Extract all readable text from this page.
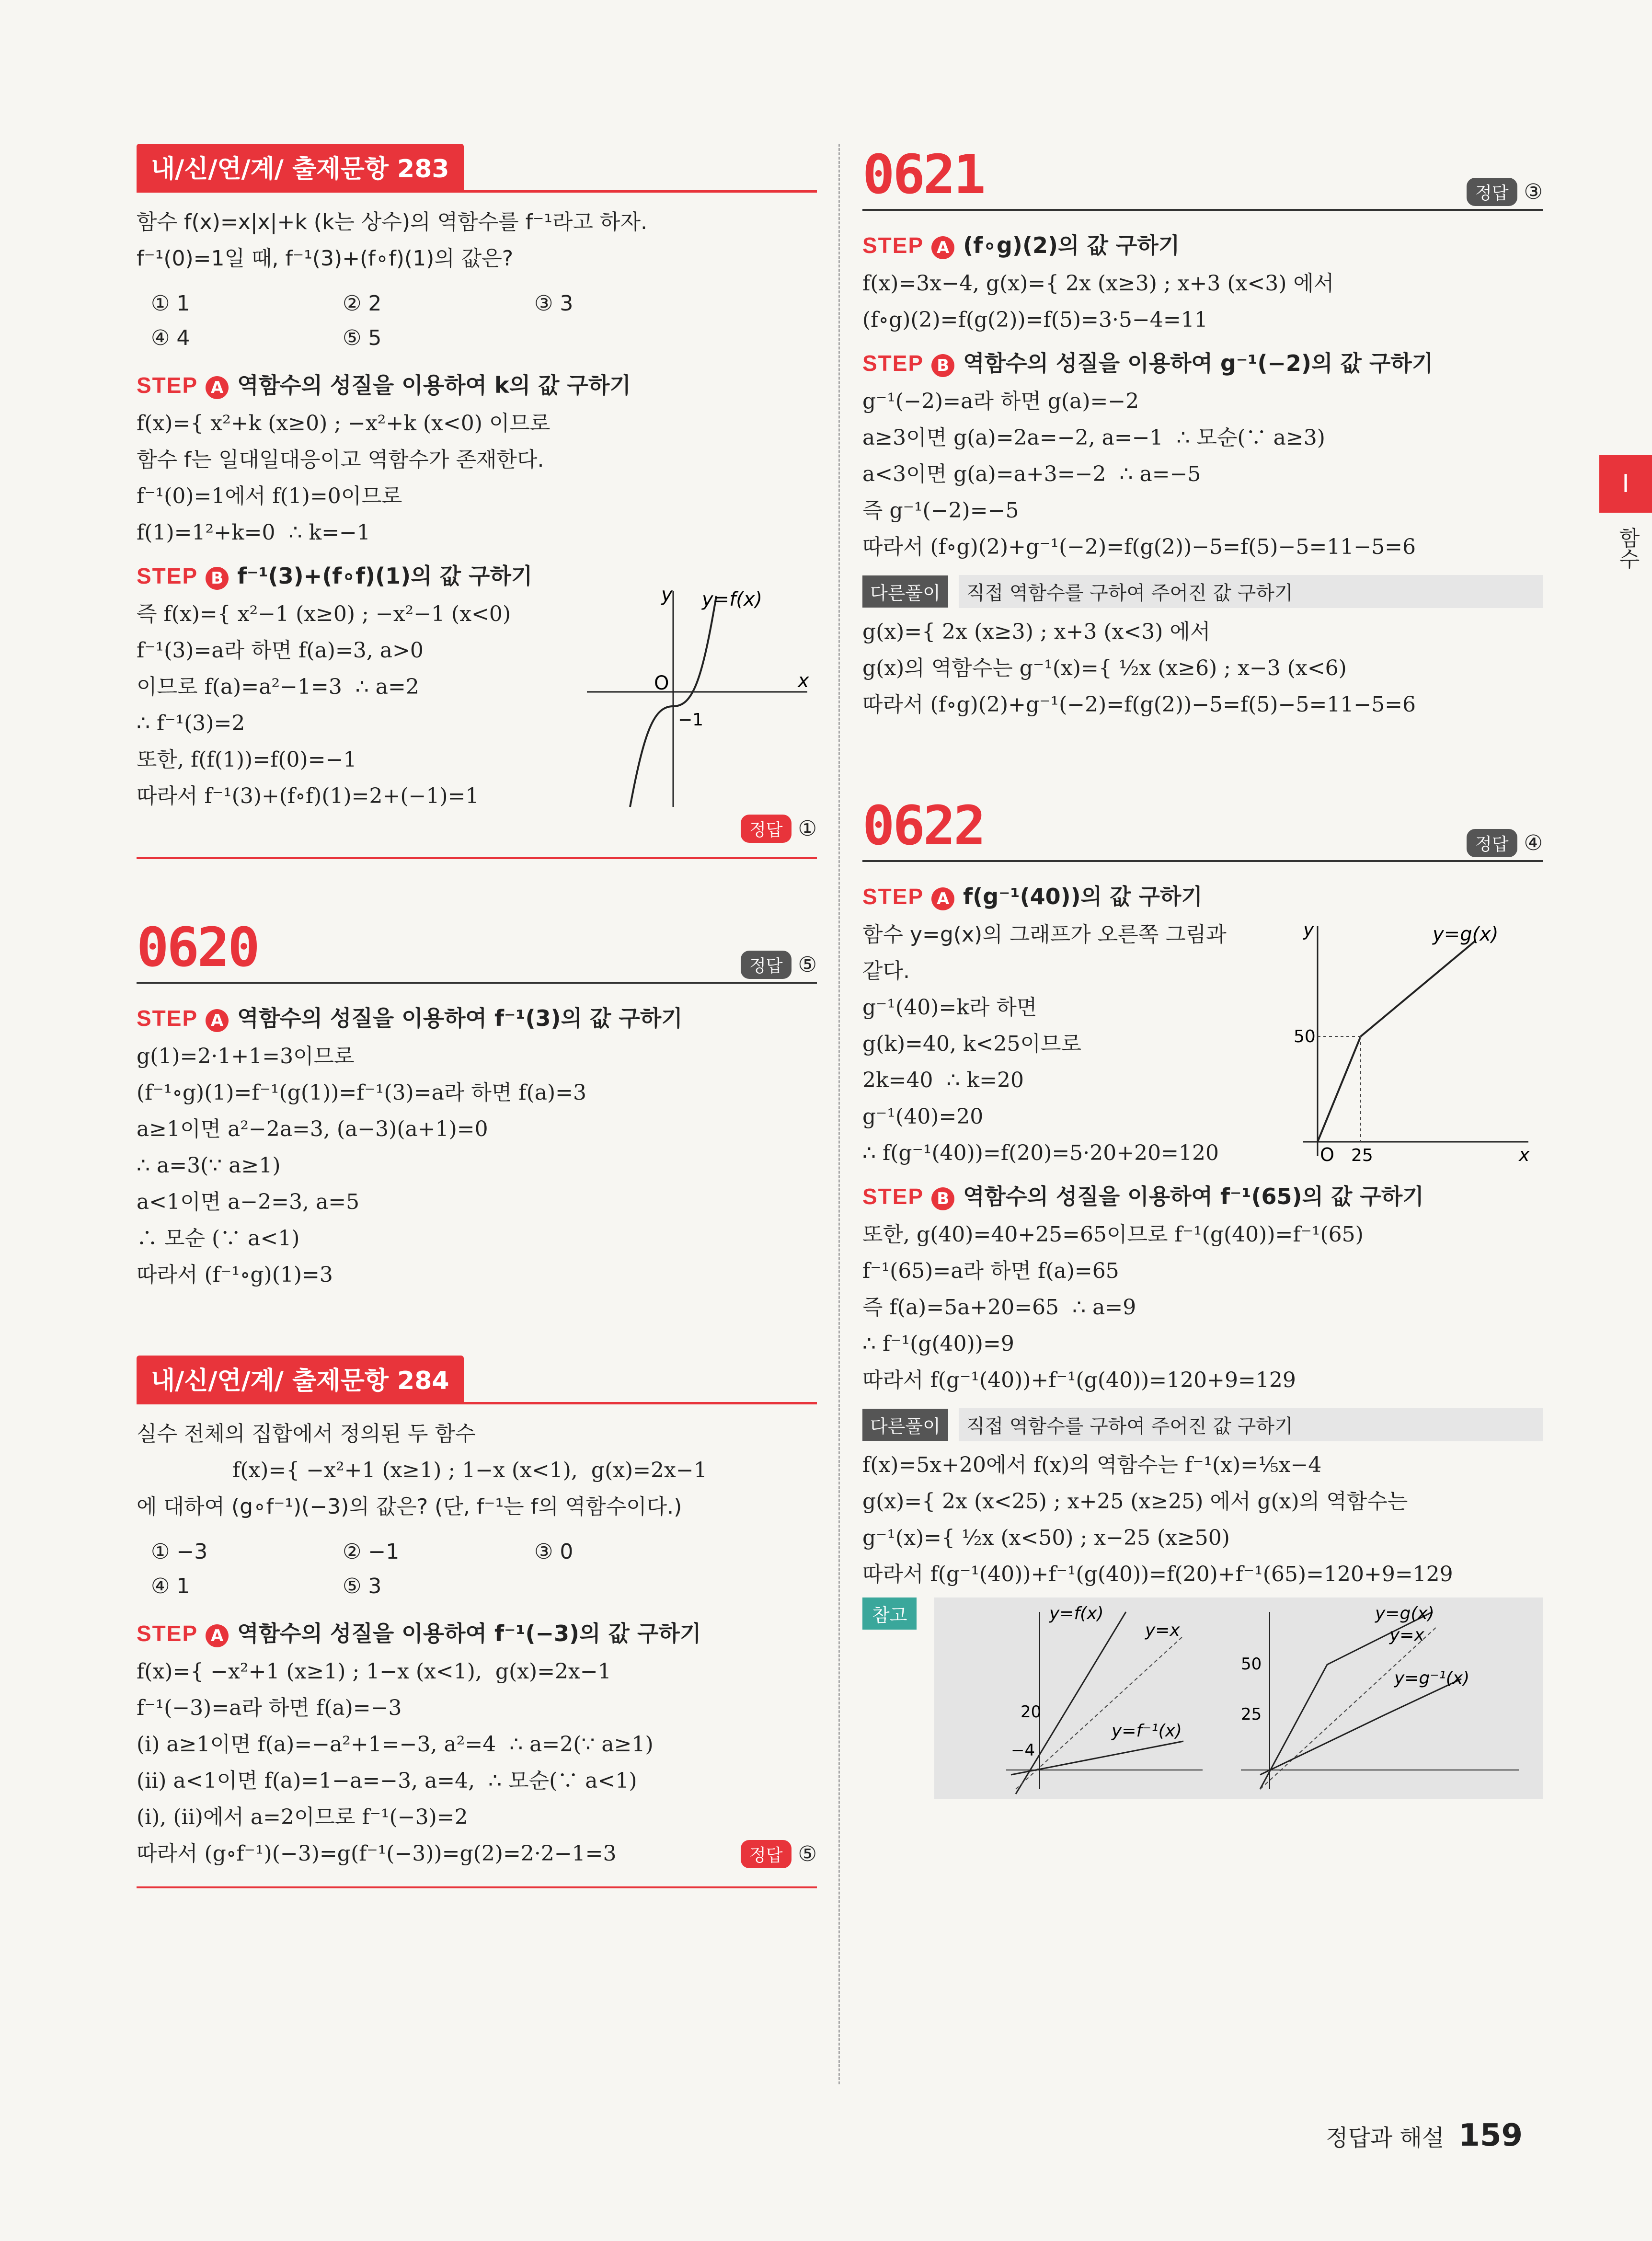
Ⅰ
함수
내/신/연/계/ 출제문항 283
함수 f(x)=x|x|+k (k는 상수)의 역함수를 f⁻¹라고 하자.
f⁻¹(0)=1일 때, f⁻¹(3)+(f∘f)(1)의 값은?
① 1	② 2	③ 3
④ 4	⑤ 5
STEP A 역함수의 성질을 이용하여 k의 값 구하기
f(x)={ x²+k (x≥0) ; −x²+k (x<0) 이므로
함수 f는 일대일대응이고 역함수가 존재한다.
f⁻¹(0)=1에서 f(1)=0이므로
f(1)=1²+k=0  ∴ k=−1
STEP B f⁻¹(3)+(f∘f)(1)의 값 구하기
즉 f(x)={ x²−1 (x≥0) ; −x²−1 (x<0)
f⁻¹(3)=a라 하면 f(a)=3, a>0
이므로 f(a)=a²−1=3  ∴ a=2
∴ f⁻¹(3)=2
또한, f(f(1))=f(0)=−1
따라서 f⁻¹(3)+(f∘f)(1)=2+(−1)=1
y y=f(x)
x
O
−1
정답 ①
0620	정답 ⑤
STEP A 역함수의 성질을 이용하여 f⁻¹(3)의 값 구하기
g(1)=2·1+1=3이므로
(f⁻¹∘g)(1)=f⁻¹(g(1))=f⁻¹(3)=a라 하면 f(a)=3
a≥1이면 a²−2a=3, (a−3)(a+1)=0
∴ a=3(∵ a≥1)
a<1이면 a−2=3, a=5
∴ 모순 (∵ a<1)
따라서 (f⁻¹∘g)(1)=3
내/신/연/계/ 출제문항 284
실수 전체의 집합에서 정의된 두 함수
f(x)={ −x²+1 (x≥1) ; 1−x (x<1),  g(x)=2x−1
에 대하여 (g∘f⁻¹)(−3)의 값은? (단, f⁻¹는 f의 역함수이다.)
① −3	② −1	③ 0
④ 1	⑤ 3
STEP A 역함수의 성질을 이용하여 f⁻¹(−3)의 값 구하기
f(x)={ −x²+1 (x≥1) ; 1−x (x<1),  g(x)=2x−1
f⁻¹(−3)=a라 하면 f(a)=−3
(ⅰ) a≥1이면 f(a)=−a²+1=−3, a²=4  ∴ a=2(∵ a≥1)
(ⅱ) a<1이면 f(a)=1−a=−3, a=4,  ∴ 모순(∵ a<1)
(ⅰ), (ⅱ)에서 a=2이므로 f⁻¹(−3)=2
따라서 (g∘f⁻¹)(−3)=g(f⁻¹(−3))=g(2)=2·2−1=3	정답 ⑤
0621	정답 ③
STEP A (f∘g)(2)의 값 구하기
f(x)=3x−4, g(x)={ 2x (x≥3) ; x+3 (x<3) 에서
(f∘g)(2)=f(g(2))=f(5)=3·5−4=11
STEP B 역함수의 성질을 이용하여 g⁻¹(−2)의 값 구하기
g⁻¹(−2)=a라 하면 g(a)=−2
a≥3이면 g(a)=2a=−2, a=−1  ∴ 모순(∵ a≥3)
a<3이면 g(a)=a+3=−2  ∴ a=−5
즉 g⁻¹(−2)=−5
따라서 (f∘g)(2)+g⁻¹(−2)=f(g(2))−5=f(5)−5=11−5=6
다른풀이	직접 역함수를 구하여 주어진 값 구하기
g(x)={ 2x (x≥3) ; x+3 (x<3) 에서
g(x)의 역함수는 g⁻¹(x)={ ½x (x≥6) ; x−3 (x<6)
따라서 (f∘g)(2)+g⁻¹(−2)=f(g(2))−5=f(5)−5=11−5=6
0622	정답 ④
STEP A f(g⁻¹(40))의 값 구하기
함수 y=g(x)의 그래프가 오른쪽 그림과
같다.
g⁻¹(40)=k라 하면
g(k)=40, k<25이므로
2k=40  ∴ k=20
g⁻¹(40)=20
∴ f(g⁻¹(40))=f(20)=5·20+20=120
y	y=g(x)
x
O
50
25
STEP B 역함수의 성질을 이용하여 f⁻¹(65)의 값 구하기
또한, g(40)=40+25=65이므로 f⁻¹(g(40))=f⁻¹(65)
f⁻¹(65)=a라 하면 f(a)=65
즉 f(a)=5a+20=65  ∴ a=9
∴ f⁻¹(g(40))=9
따라서 f(g⁻¹(40))+f⁻¹(g(40))=120+9=129
다른풀이	직접 역함수를 구하여 주어진 값 구하기
f(x)=5x+20에서 f(x)의 역함수는 f⁻¹(x)=⅕x−4
g(x)={ 2x (x<25) ; x+25 (x≥25) 에서 g(x)의 역함수는
g⁻¹(x)={ ½x (x<50) ; x−25 (x≥50)
따라서 f(g⁻¹(40))+f⁻¹(g(40))=f(20)+f⁻¹(65)=120+9=129
참고	y=f(x)
y=x
y=f⁻¹(x)
20
−4
y=g(x)
y=x
y=g⁻¹(x)
50
25
정답과 해설 159
